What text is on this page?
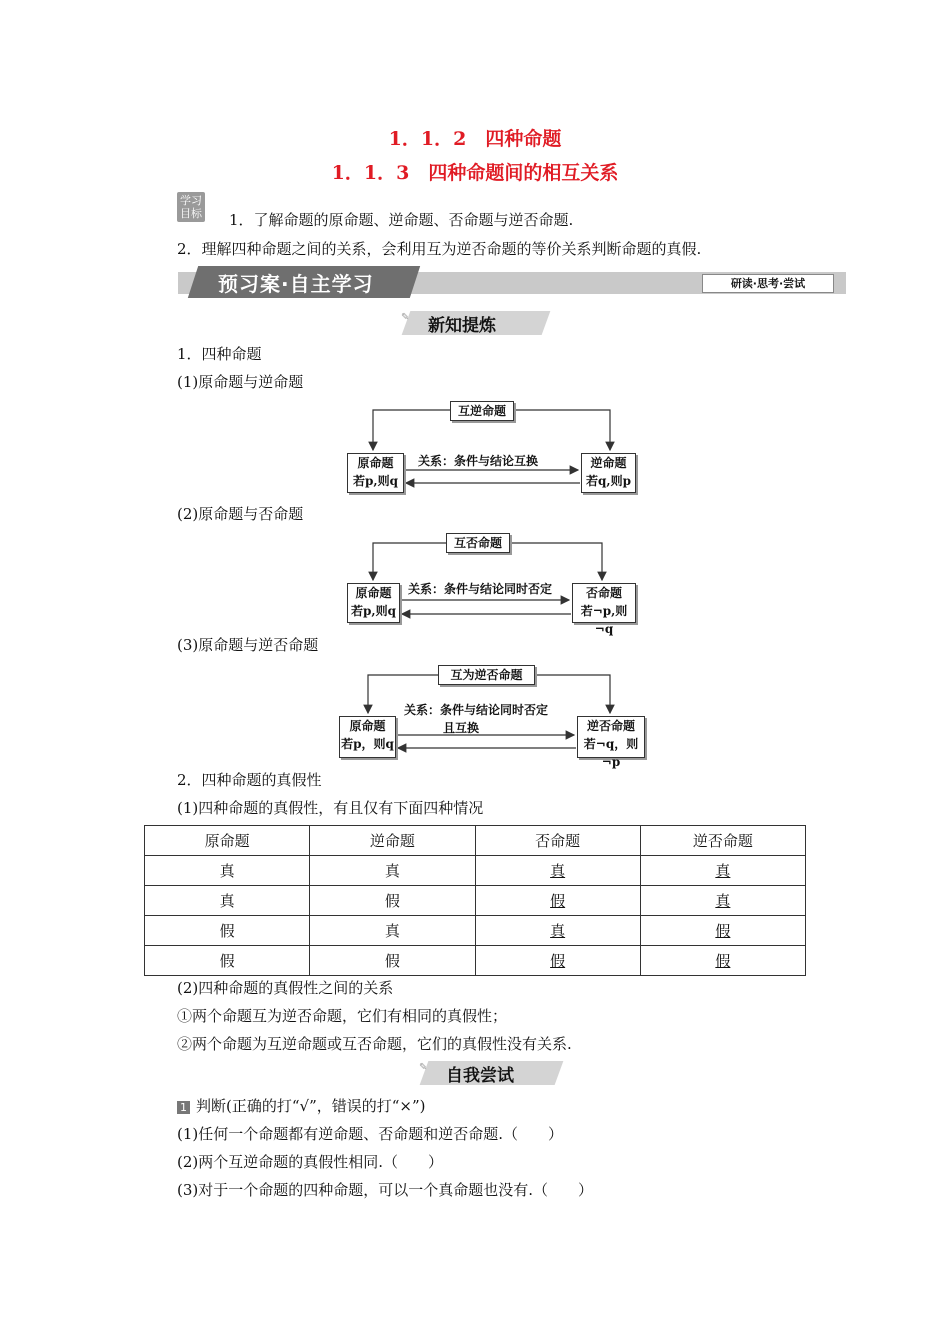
1．1．2　四种命题
1．1．3　四种命题间的相互关系
学习
目标 1．了解命题的原命题、逆命题、否命题与逆否命题.
2．理解四种命题之间的关系，会利用互为逆否命题的等价关系判断命题的真假.
预习案·自主学习	研读·思考·尝试
✎ 新知提炼
1．四种命题
(1)原命题与逆命题
互逆命题
原命题
若p,则q
逆命题
若q,则p
关系：条件与结论互换
(2)原命题与否命题
互否命题
原命题
若p,则q
否命题
若¬p,则¬q
关系：条件与结论同时否定
(3)原命题与逆否命题
互为逆否命题
原命题
若p，则q
逆否命题
若¬q，则¬p
关系：条件与结论同时否定
且互换
2．四种命题的真假性
(1)四种命题的真假性，有且仅有下面四种情况
原命题	逆命题	否命题	逆否命题
真	真	真	真
真	假	假	真
假	真	真	假
假	假	假	假
(2)四种命题的真假性之间的关系
①两个命题互为逆否命题，它们有相同的真假性；
②两个命题为互逆命题或互否命题，它们的真假性没有关系.
✎ 自我尝试
1 判断(正确的打“√”，错误的打“×”)
(1)任何一个命题都有逆命题、否命题和逆否命题.（　　）
(2)两个互逆命题的真假性相同.（　　）
(3)对于一个命题的四种命题，可以一个真命题也没有.（　　）
